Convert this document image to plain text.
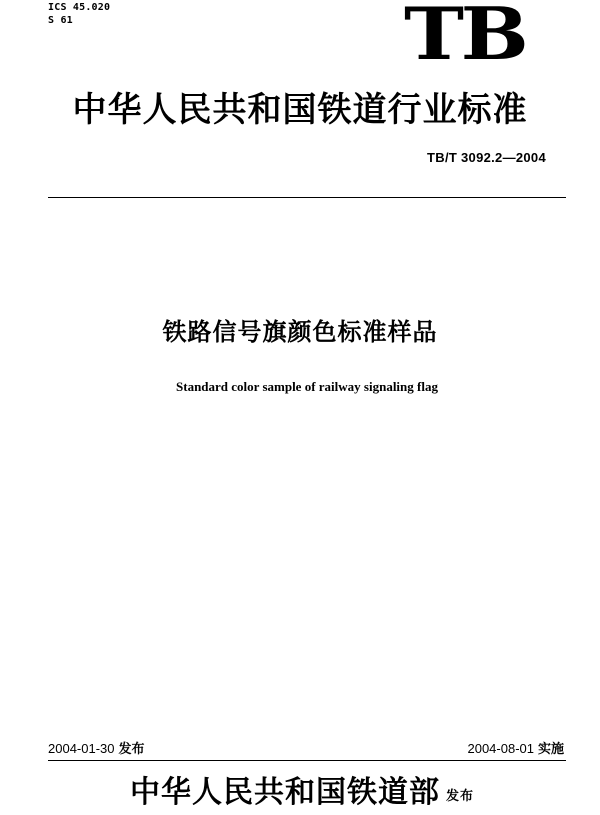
ICS 45.020
S 61	TB
中华人民共和国铁道行业标准
TB/T 3092.2—2004
铁路信号旗颜色标准样品
Standard color sample of railway signaling flag
2004-01-30 发布	2004-08-01 实施
中华人民共和国铁道部 发布
